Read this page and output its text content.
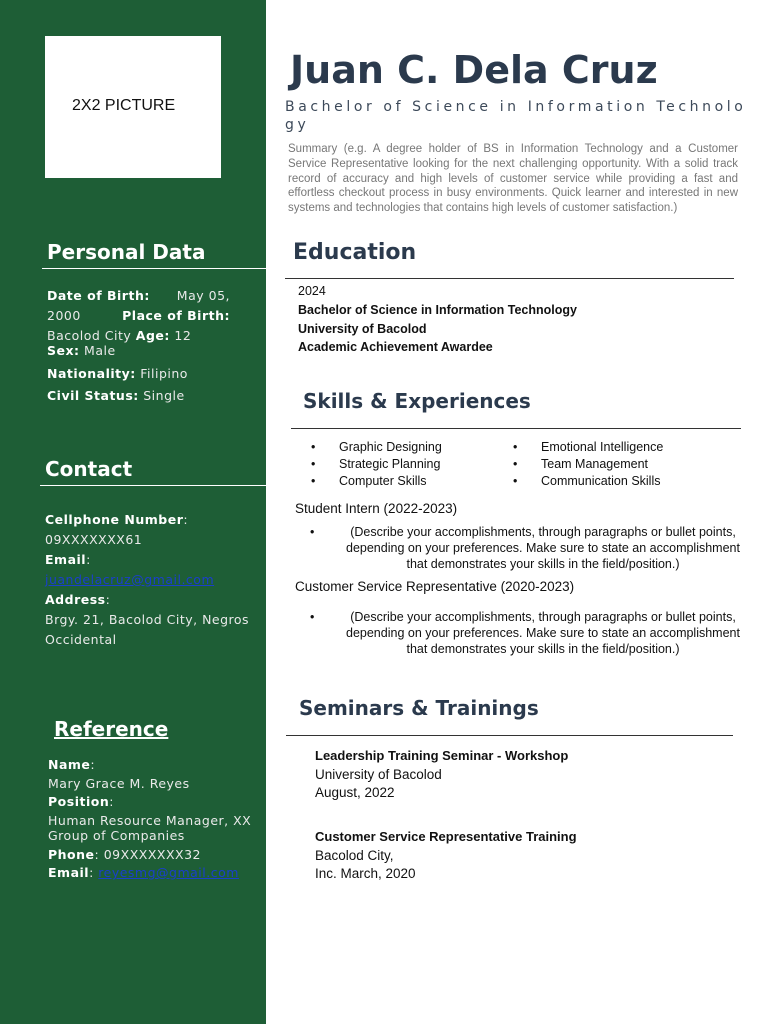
2X2 PICTURE
Personal Data
Date of Birth: May 05,
2000	Place of Birth:
Bacolod City Age: 12
Sex: Male
Nationality: Filipino
Civil Status: Single
Contact
Cellphone Number:
09XXXXXXX61
Email:
juandelacruz@gmail.com
Address:
Brgy. 21, Bacolod City, Negros
Occidental
Reference
Name:
Mary Grace M. Reyes
Position:
Human Resource Manager, XX
Group of Companies
Phone: 09XXXXXXX32
Email: reyesmg@gmail.com
Juan C. Dela Cruz
Bachelor of Science in Information Technology

Summary (e.g. A degree holder of BS in Information Technology and a Customer Service Representative looking for the next challenging opportunity. With a solid track record of accuracy and high levels of customer service while providing a fast and effortless checkout process in busy environments. Quick learner and interested in new systems and technologies that contains high levels of customer satisfaction.)

Education
2024
Bachelor of Science in Information Technology
University of Bacolod
Academic Achievement Awardee
Skills & Experiences
• Graphic Designing
• Strategic Planning
• Computer Skills
• Emotional Intelligence
• Team Management
• Communication Skills
Student Intern (2022-2023)
•	(Describe your accomplishments, through paragraphs or bullet points, depending on your preferences. Make sure to state an accomplishment that demonstrates your skills in the field/position.)

Customer Service Representative (2020-2023)
•	(Describe your accomplishments, through paragraphs or bullet points, depending on your preferences. Make sure to state an accomplishment that demonstrates your skills in the field/position.)

Seminars & Trainings
Leadership Training Seminar - Workshop
University of Bacolod
August, 2022
Customer Service Representative Training
Bacolod City,
Inc. March, 2020
